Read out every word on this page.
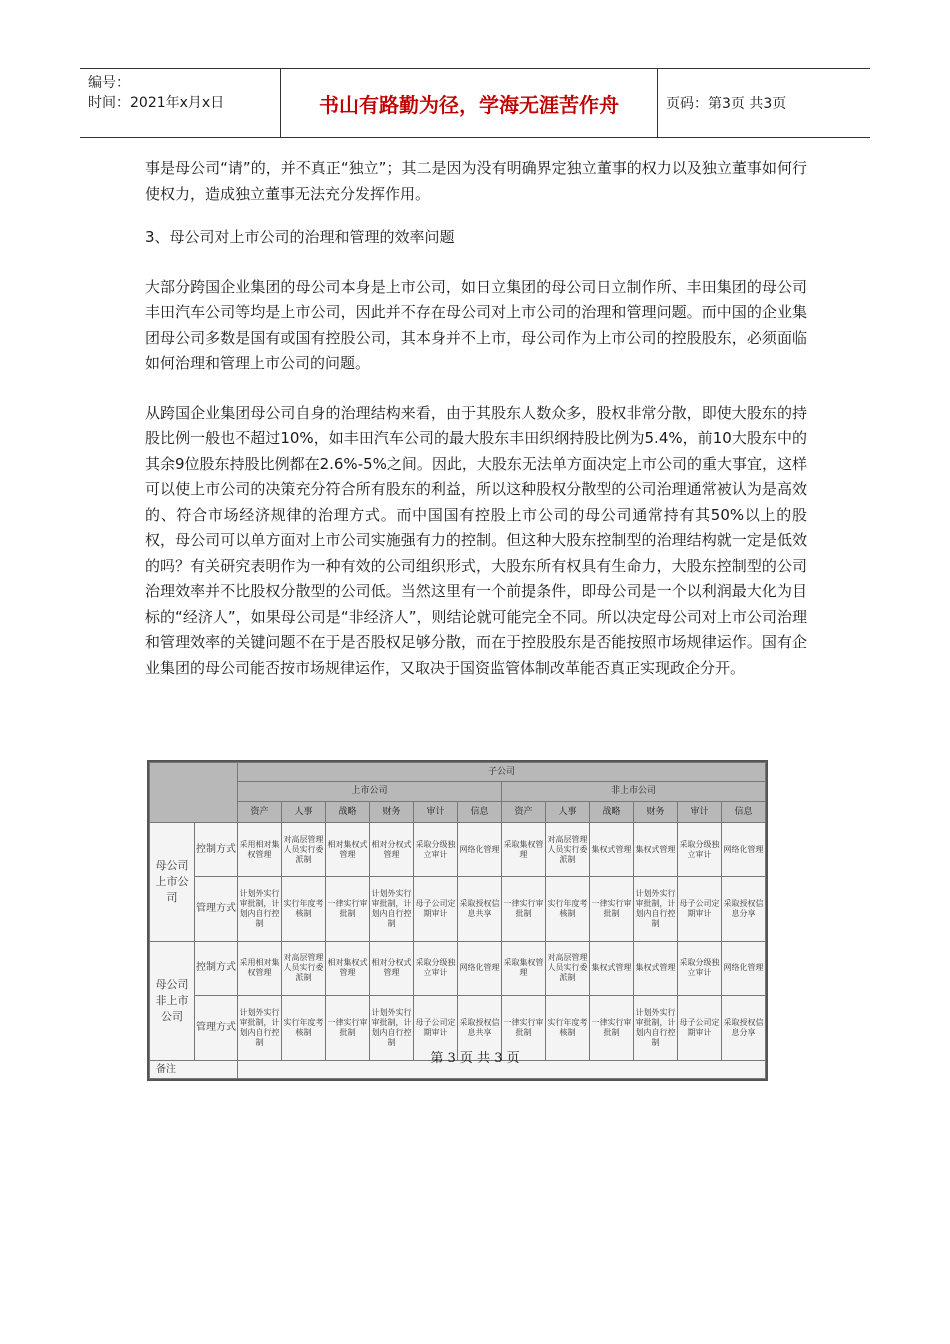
编号：
时间：2021年x月x日	书山有路勤为径，学海无涯苦作舟	页码：第3页 共3页

事是母公司“请”的，并不真正“独立”；其二是因为没有明确界定独立董事的权力以及独立董事如何行使权力，造成独立董事无法充分发挥作用。

3、母公司对上市公司的治理和管理的效率问题

大部分跨国企业集团的母公司本身是上市公司，如日立集团的母公司日立制作所、丰田集团的母公司丰田汽车公司等均是上市公司，因此并不存在母公司对上市公司的治理和管理问题。而中国的企业集团母公司多数是国有或国有控股公司，其本身并不上市，母公司作为上市公司的控股股东，必须面临如何治理和管理上市公司的问题。

从跨国企业集团母公司自身的治理结构来看，由于其股东人数众多，股权非常分散，即使大股东的持股比例一般也不超过10%，如丰田汽车公司的最大股东丰田织纲持股比例为5.4%，前10大股东中的其余9位股东持股比例都在2.6%-5%之间。因此，大股东无法单方面决定上市公司的重大事宜，这样可以使上市公司的决策充分符合所有股东的利益，所以这种股权分散型的公司治理通常被认为是高效的、符合市场经济规律的治理方式。而中国国有控股上市公司的母公司通常持有其50%以上的股权，母公司可以单方面对上市公司实施强有力的控制。但这种大股东控制型的治理结构就一定是低效的吗？有关研究表明作为一种有效的公司组织形式，大股东所有权具有生命力，大股东控制型的公司治理效率并不比股权分散型的公司低。当然这里有一个前提条件，即母公司是一个以利润最大化为目标的“经济人”，如果母公司是“非经济人”，则结论就可能完全不同。所以决定母公司对上市公司治理和管理效率的关键问题不在于是否股权足够分散，而在于控股股东是否能按照市场规律运作。国有企业集团的母公司能否按市场规律运作，又取决于国资监管体制改革能否真正实现政企分开。

		子公司											
		上市公司						非上市公司					
		资产	人事	战略	财务	审计	信息	资产	人事	战略	财务	审计	信息
母公司上市公司	控制方式	采用相对集权管理	对高层管理人员实行委派制	相对集权式管理	相对分权式管理	采取分级独立审计	网络化管理	采取集权管理	对高层管理人员实行委派制	集权式管理	集权式管理	采取分级独立审计	网络化管理
	管理方式	计划外实行审批制，计划内自行控制	实行年度考核制	一律实行审批制	计划外实行审批制，计划内自行控制	母子公司定期审计	采取授权信息共享	一律实行审批制	实行年度考核制	一律实行审批制	计划外实行审批制，计划内自行控制	母子公司定期审计	采取授权信息分享
母公司非上市公司	控制方式	采用相对集权管理	对高层管理人员实行委派制	相对集权式管理	相对分权式管理	采取分级独立审计	网络化管理	采取集权管理	对高层管理人员实行委派制	集权式管理	集权式管理	采取分级独立审计	网络化管理
	管理方式	计划外实行审批制，计划内自行控制	实行年度考核制	一律实行审批制	计划外实行审批制，计划内自行控制	母子公司定期审计	采取授权信息共享	一律实行审批制	实行年度考核制	一律实行审批制	计划外实行审批制，计划内自行控制	母子公司定期审计	采取授权信息分享
备注													
第 3 页 共 3 页
